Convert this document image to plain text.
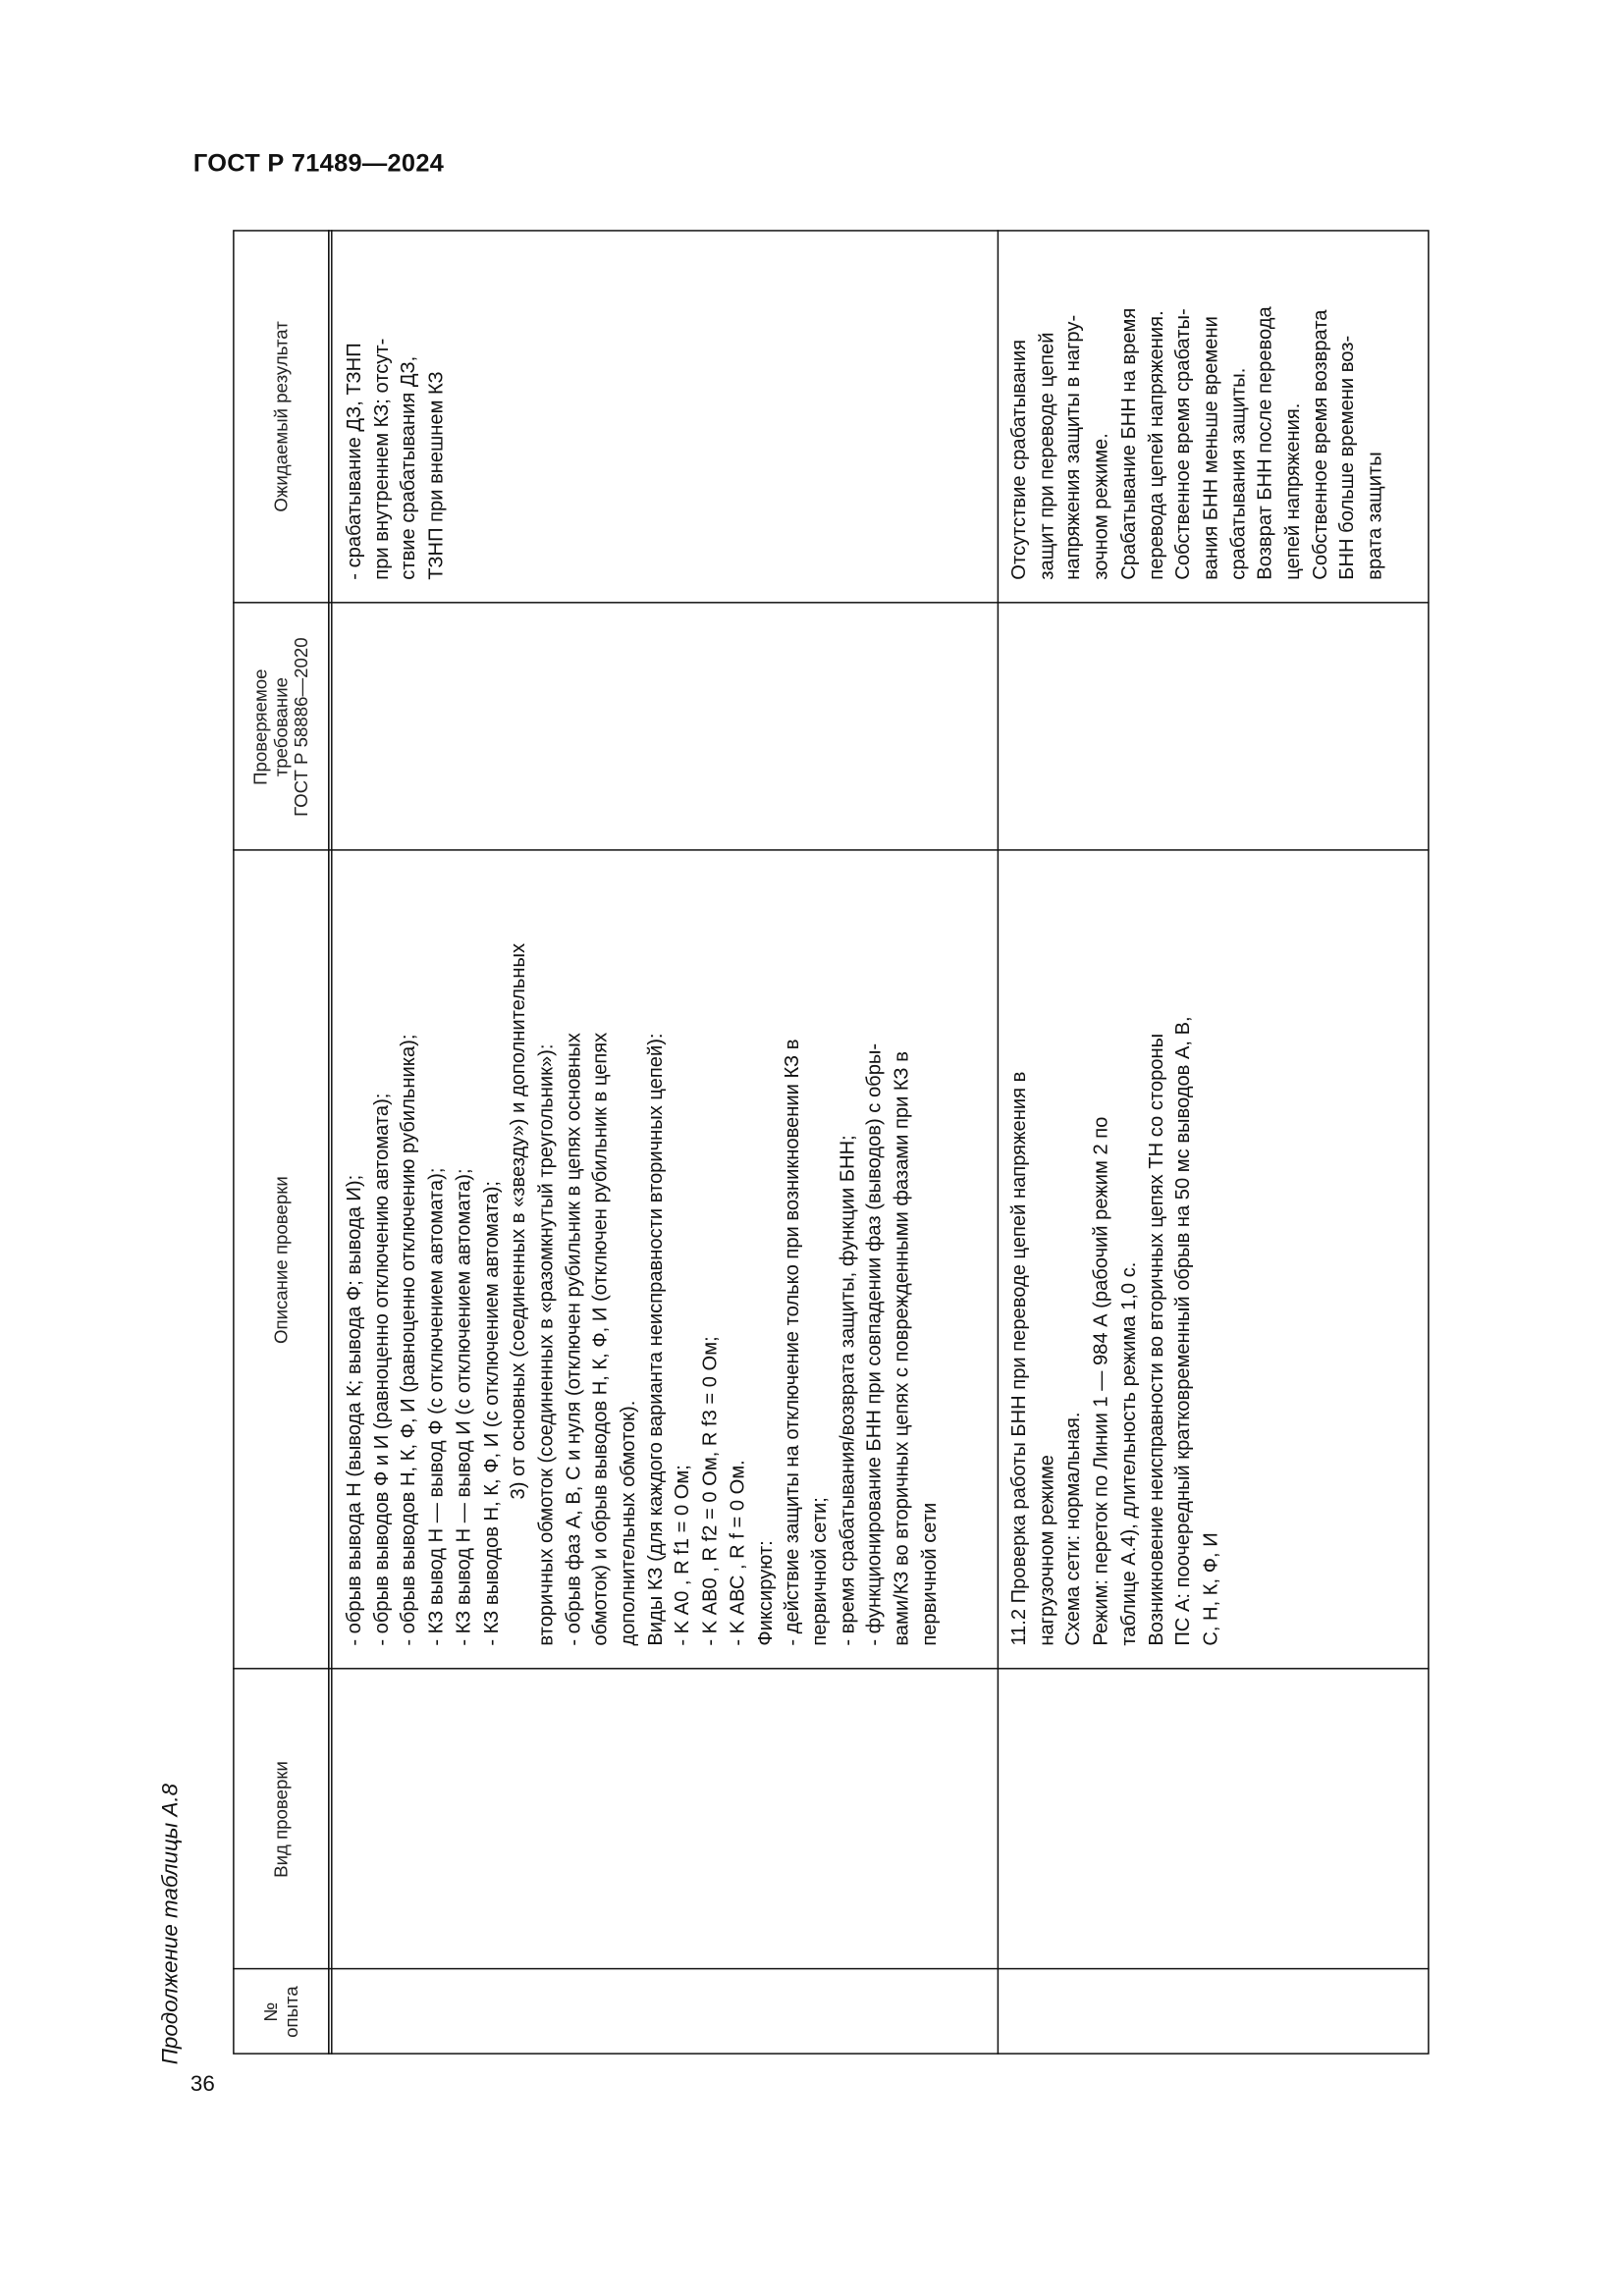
ГОСТ Р 71489—2024
Продолжение таблицы А.8
36
№ опыта
Вид проверки
Описание проверки
Проверяемое требование ГОСТ Р 58886—2020
Ожидаемый результат
- обрыв вывода Н (вывода К; вывода Ф; вывода И); - обрыв выводов Ф и И (равноценно отключению автомата); - обрыв выводов Н, К, Ф, И (равноценно отключению рубильника); - КЗ вывод Н — вывод Ф (с отключением автомата); - КЗ вывод Н — вывод И (с отключением автомата); - КЗ выводов Н, К, Ф, И (с отключением автомата); 3) от основных (соединенных в «звезду») и дополнительных вторичных обмоток (соединенных в «разомкнутый треугольник»): - обрыв фаз А, В, С и нуля (отключен рубильник в цепях основных обмоток) и обрыв выводов Н, К, Ф, И (отключен рубильник в цепях дополнительных обмоток). Виды КЗ (для каждого варианта неисправности вторичных цепей): - K А0 , R f1 = 0 Ом; - K АВ0 , R f2 = 0 Ом, R f3 = 0 Ом; - K АВС , R f = 0 Ом. Фиксируют: - действие защиты на отключение только при возникновении КЗ в первичной сети; - время срабатывания/возврата защиты, функции БНН; - функционирование БНН при совпадении фаз (выводов) с обры- вами/КЗ во вторичных цепях с поврежденными фазами при КЗ в первичной сети
- срабатывание ДЗ, ТЗНП при внутреннем КЗ; отсут- ствие срабатывания ДЗ, ТЗНП при внешнем КЗ
11.2 Проверка работы БНН при переводе цепей напряжения в нагрузочном режиме Схема сети: нормальная. Режим: переток по Линии 1 — 984 А (рабочий режим 2 по таблице А.4), длительность режима 1,0 с. Возникновение неисправности во вторичных цепях ТН со стороны ПС А: поочередный кратковременный обрыв на 50 мс выводов А, В, С, Н, К, Ф, И
Отсутствие срабатывания защит при переводе цепей напряжения защиты в нагру- зочном режиме. Срабатывание БНН на время перевода цепей напряжения. Собственное время срабаты- вания БНН меньше времени срабатывания защиты. Возврат БНН после перевода цепей напряжения. Собственное время возврата БНН больше времени воз- врата защиты
